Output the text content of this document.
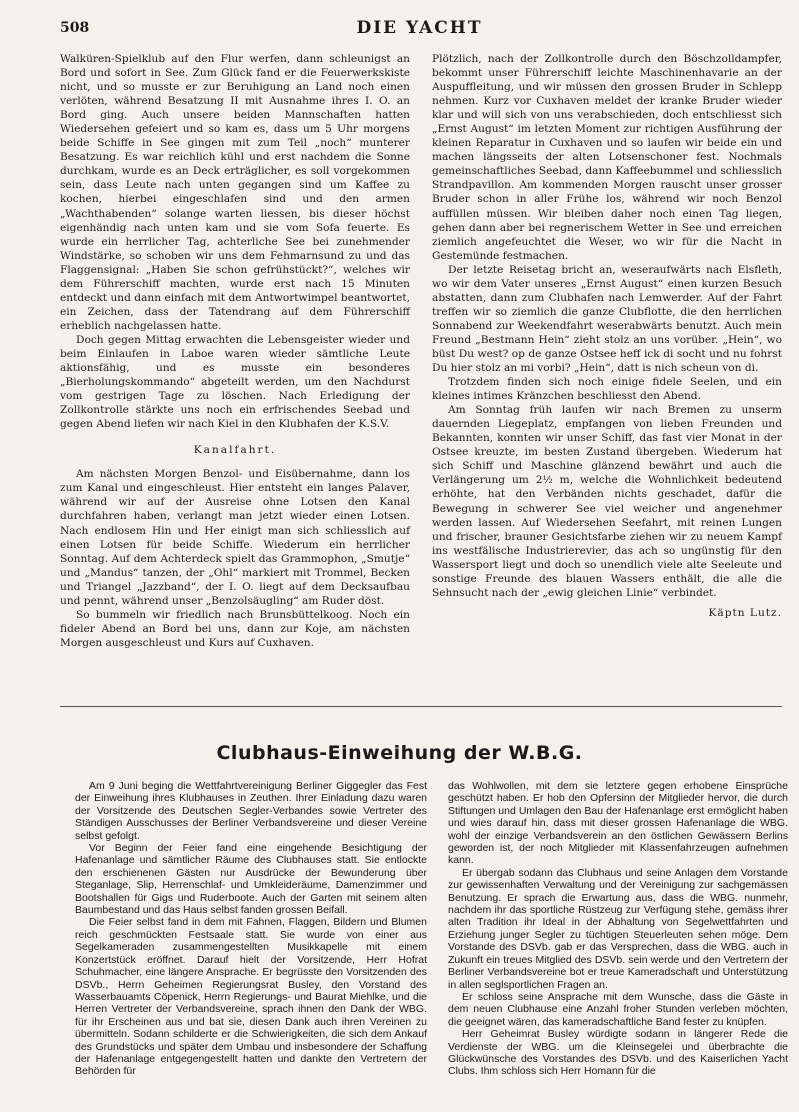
508	DIE YACHT

Walküren-Spielklub auf den Flur werfen, dann schleunigst an Bord und sofort in See. Zum Glück fand er die Feuerwerkskiste nicht, und so musste er zur Beruhigung an Land noch einen verlöten, während Besatzung II mit Ausnahme ihres I. O. an Bord ging. Auch unsere beiden Mannschaften hatten Wiedersehen gefeiert und so kam es, dass um 5 Uhr morgens beide Schiffe in See gingen mit zum Teil „noch“ munterer Besatzung. Es war reichlich kühl und erst nachdem die Sonne durchkam, wurde es an Deck erträglicher, es soll vorgekommen sein, dass Leute nach unten gegangen sind um Kaffee zu kochen, hierbei eingeschlafen sind und den armen „Wachthabenden“ solange warten liessen, bis dieser höchst eigenhändig nach unten kam und sie vom Sofa feuerte. Es wurde ein herrlicher Tag, achterliche See bei zunehmender Windstärke, so schoben wir uns dem Fehmarnsund zu und das Flaggensignal: „Haben Sie schon gefrühstückt?“, welches wir dem Führerschiff machten, wurde erst nach 15 Minuten entdeckt und dann einfach mit dem Antwortwimpel beantwortet, ein Zeichen, dass der Tatendrang auf dem Führerschiff erheblich nachgelassen hatte.

Doch gegen Mittag erwachten die Lebensgeister wieder und beim Einlaufen in Laboe waren wieder sämtliche Leute aktionsfähig, und es musste ein besonderes „Bierholungskommando“ abgeteilt werden, um den Nachdurst vom gestrigen Tage zu löschen. Nach Erledigung der Zollkontrolle stärkte uns noch ein erfrischendes Seebad und gegen Abend liefen wir nach Kiel in den Klubhafen der K.S.V.

Kanalfahrt.

Am nächsten Morgen Benzol- und Eisübernahme, dann los zum Kanal und eingeschleust. Hier entsteht ein langes Palaver, während wir auf der Ausreise ohne Lotsen den Kanal durchfahren haben, verlangt man jetzt wieder einen Lotsen. Nach endlosem Hin und Her einigt man sich schliesslich auf einen Lotsen für beide Schiffe. Wiederum ein herrlicher Sonntag. Auf dem Achterdeck spielt das Grammophon, „Smutje“ und „Mandus“ tanzen, der „Ohl“ markiert mit Trommel, Becken und Triangel „Jazzband“, der I. O. liegt auf dem Decksaufbau und pennt, während unser „Benzolsäugling“ am Ruder döst.

So bummeln wir friedlich nach Brunsbüttelkoog. Noch ein fideler Abend an Bord bei uns, dann zur Koje, am nächsten Morgen ausgeschleust und Kurs auf Cuxhaven.

Plötzlich, nach der Zollkontrolle durch den Böschzolldampfer, bekommt unser Führerschiff leichte Maschinenhavarie an der Auspuffleitung, und wir müssen den grossen Bruder in Schlepp nehmen. Kurz vor Cuxhaven meldet der kranke Bruder wieder klar und will sich von uns verabschieden, doch entschliesst sich „Ernst August“ im letzten Moment zur richtigen Ausführung der kleinen Reparatur in Cuxhaven und so laufen wir beide ein und machen längsseits der alten Lotsenschoner fest. Nochmals gemeinschaftliches Seebad, dann Kaffeebummel und schliesslich Strandpavillon. Am kommenden Morgen rauscht unser grosser Bruder schon in aller Frühe los, während wir noch Benzol auffüllen müssen. Wir bleiben daher noch einen Tag liegen, gehen dann aber bei regnerischem Wetter in See und erreichen ziemlich angefeuchtet die Weser, wo wir für die Nacht in Gestemünde festmachen.

Der letzte Reisetag bricht an, weseraufwärts nach Elsfleth, wo wir dem Vater unseres „Ernst August“ einen kurzen Besuch abstatten, dann zum Clubhafen nach Lemwerder. Auf der Fahrt treffen wir so ziemlich die ganze Clubflotte, die den herrlichen Sonnabend zur Weekendfahrt weserabwärts benutzt. Auch mein Freund „Bestmann Hein“ zieht stolz an uns vorüber. „Hein“, wo büst Du west? op de ganze Ostsee heff ick di socht und nu fohrst Du hier stolz an mi vorbi? „Hein“, datt is nich scheun von di.

Trotzdem finden sich noch einige fidele Seelen, und ein kleines intimes Kränzchen beschliesst den Abend.

Am Sonntag früh laufen wir nach Bremen zu unserm dauernden Liegeplatz, empfangen von lieben Freunden und Bekannten, konnten wir unser Schiff, das fast vier Monat in der Ostsee kreuzte, im besten Zustand übergeben. Wiederum hat sich Schiff und Maschine glänzend bewährt und auch die Verlängerung um 2½ m, welche die Wohnlichkeit bedeutend erhöhte, hat den Verbänden nichts geschadet, dafür die Bewegung in schwerer See viel weicher und angenehmer werden lassen. Auf Wiedersehen Seefahrt, mit reinen Lungen und frischer, brauner Gesichtsfarbe ziehen wir zu neuem Kampf ins westfälische Industrierevier, das ach so ungünstig für den Wassersport liegt und doch so unendlich viele alte Seeleute und sonstige Freunde des blauen Wassers enthält, die alle die Sehnsucht nach der „ewig gleichen Linie“ verbindet.

Käptn Lutz.
Clubhaus-Einweihung der W.B.G.

Am 9 Juni beging die Wettfahrtvereinigung Berliner Giggegler das Fest der Einweihung ihres Klubhauses in Zeuthen. Ihrer Einladung dazu waren der Vorsitzende des Deutschen Segler-Verbandes sowie Vertreter des Ständigen Ausschusses der Berliner Verbandsvereine und dieser Vereine selbst gefolgt.

Vor Beginn der Feier fand eine eingehende Besichtigung der Hafenanlage und sämtlicher Räume des Clubhauses statt. Sie entlockte den erschienenen Gästen nur Ausdrücke der Bewunderung über Steganlage, Slip, Herrenschlaf- und Umkleideräume, Damenzimmer und Bootshallen für Gigs und Ruderboote. Auch der Garten mit seinem alten Baumbestand und das Haus selbst fanden grossen Beifall.

Die Feier selbst fand in dem mit Fahnen, Flaggen, Bildern und Blumen reich geschmückten Festsaale statt. Sie wurde von einer aus Segelkameraden zusammengestellten Musikkapelle mit einem Konzertstück eröffnet. Darauf hielt der Vorsitzende, Herr Hofrat Schuhmacher, eine längere Ansprache. Er begrüsste den Vorsitzenden des DSVb., Herrn Geheimen Regierungsrat Busley, den Vorstand des Wasserbauamts Cöpenick, Herrn Regierungs- und Baurat Miehlke, und die Herren Vertreter der Verbandsvereine, sprach ihnen den Dank der WBG. für ihr Erscheinen aus und bat sie, diesen Dank auch ihren Vereinen zu übermitteln. Sodann schilderte er die Schwierigkeiten, die sich dem Ankauf des Grundstücks und später dem Umbau und insbesondere der Schaffung der Hafenanlage entgegengestellt hatten und dankte den Vertretern der Behörden für

das Wohlwollen, mit dem sie letztere gegen erhobene Einsprüche geschützt haben. Er hob den Opfersinn der Mitglieder hervor, die durch Stiftungen und Umlagen den Bau der Hafenanlage erst ermöglicht haben und wies darauf hin, dass mit dieser grossen Hafenanlage die WBG. wohl der einzige Verbandsverein an den östlichen Gewässern Berlins geworden ist, der noch Mitglieder mit Klassenfahrzeugen aufnehmen kann.

Er übergab sodann das Clubhaus und seine Anlagen dem Vorstande zur gewissenhaften Verwaltung und der Vereinigung zur sachgemässen Benutzung. Er sprach die Erwartung aus, dass die WBG. nunmehr, nachdem ihr das sportliche Rüstzeug zur Verfügung stehe, gemäss ihrer alten Tradition ihr Ideal in der Abhaltung von Segelwettfahrten und Erziehung junger Segler zu tüchtigen Steuerleuten sehen möge. Dem Vorstande des DSVb. gab er das Versprechen, dass die WBG. auch in Zukunft ein treues Mitglied des DSVb. sein werde und den Vertretern der Berliner Verbandsvereine bot er treue Kameradschaft und Unterstützung in allen seglsportlichen Fragen an.

Er schloss seine Ansprache mit dem Wunsche, dass die Gäste in dem neuen Clubhause eine Anzahl froher Stunden verleben möchten, die geeignet wären, das kameradschaftliche Band fester zu knüpfen.

Herr Geheimrat Busley würdigte sodann in längerer Rede die Verdienste der WBG. um die Kleinsegelei und überbrachte die Glückwünsche des Vorstandes des DSVb. und des Kaiserlichen Yacht Clubs. Ihm schloss sich Herr Homann für die
